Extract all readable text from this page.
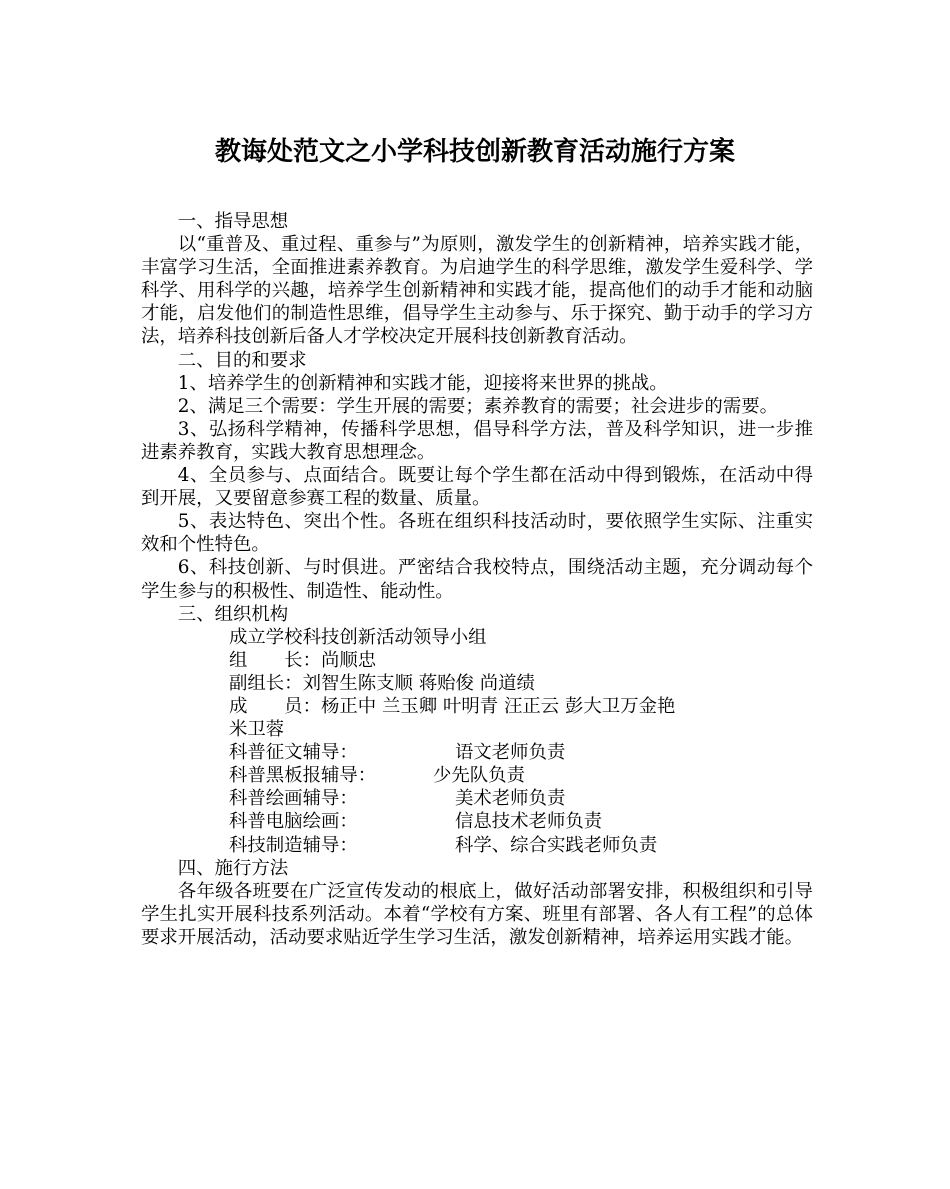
教诲处范文之小学科技创新教育活动施行方案

一、指导思想

以“重普及、重过程、重参与”为原则，激发学生的创新精神，培养实践才能，丰富学习生活，全面推进素养教育。为启迪学生的科学思维，激发学生爱科学、学科学、用科学的兴趣，培养学生创新精神和实践才能，提高他们的动手才能和动脑才能，启发他们的制造性思维，倡导学生主动参与、乐于探究、勤于动手的学习方法，培养科技创新后备人才学校决定开展科技创新教育活动。

二、目的和要求

1、培养学生的创新精神和实践才能，迎接将来世界的挑战。

2、满足三个需要：学生开展的需要；素养教育的需要；社会进步的需要。

3、弘扬科学精神，传播科学思想，倡导科学方法，普及科学知识，进一步推进素养教育，实践大教育思想理念。

4、全员参与、点面结合。既要让每个学生都在活动中得到锻炼，在活动中得到开展，又要留意参赛工程的数量、质量。

5、表达特色、突出个性。各班在组织科技活动时，要依照学生实际、注重实效和个性特色。

6、科技创新、与时俱进。严密结合我校特点，围绕活动主题，充分调动每个学生参与的积极性、制造性、能动性。

三、组织机构

成立学校科技创新活动领导小组

组　　长：尚顺忠

副组长：刘智生陈支顺 蒋贻俊 尚道绩

成　　员：杨正中 兰玉卿 叶明青 汪正云 彭大卫万金艳

米卫蓉

科普征文辅导：	语文老师负责
科普黑板报辅导：	少先队负责
科普绘画辅导：	美术老师负责
科普电脑绘画：	信息技术老师负责
科技制造辅导：	科学、综合实践老师负责

四、施行方法

各年级各班要在广泛宣传发动的根底上，做好活动部署安排，积极组织和引导学生扎实开展科技系列活动。本着“学校有方案、班里有部署、各人有工程”的总体要求开展活动，活动要求贴近学生学习生活，激发创新精神，培养运用实践才能。
